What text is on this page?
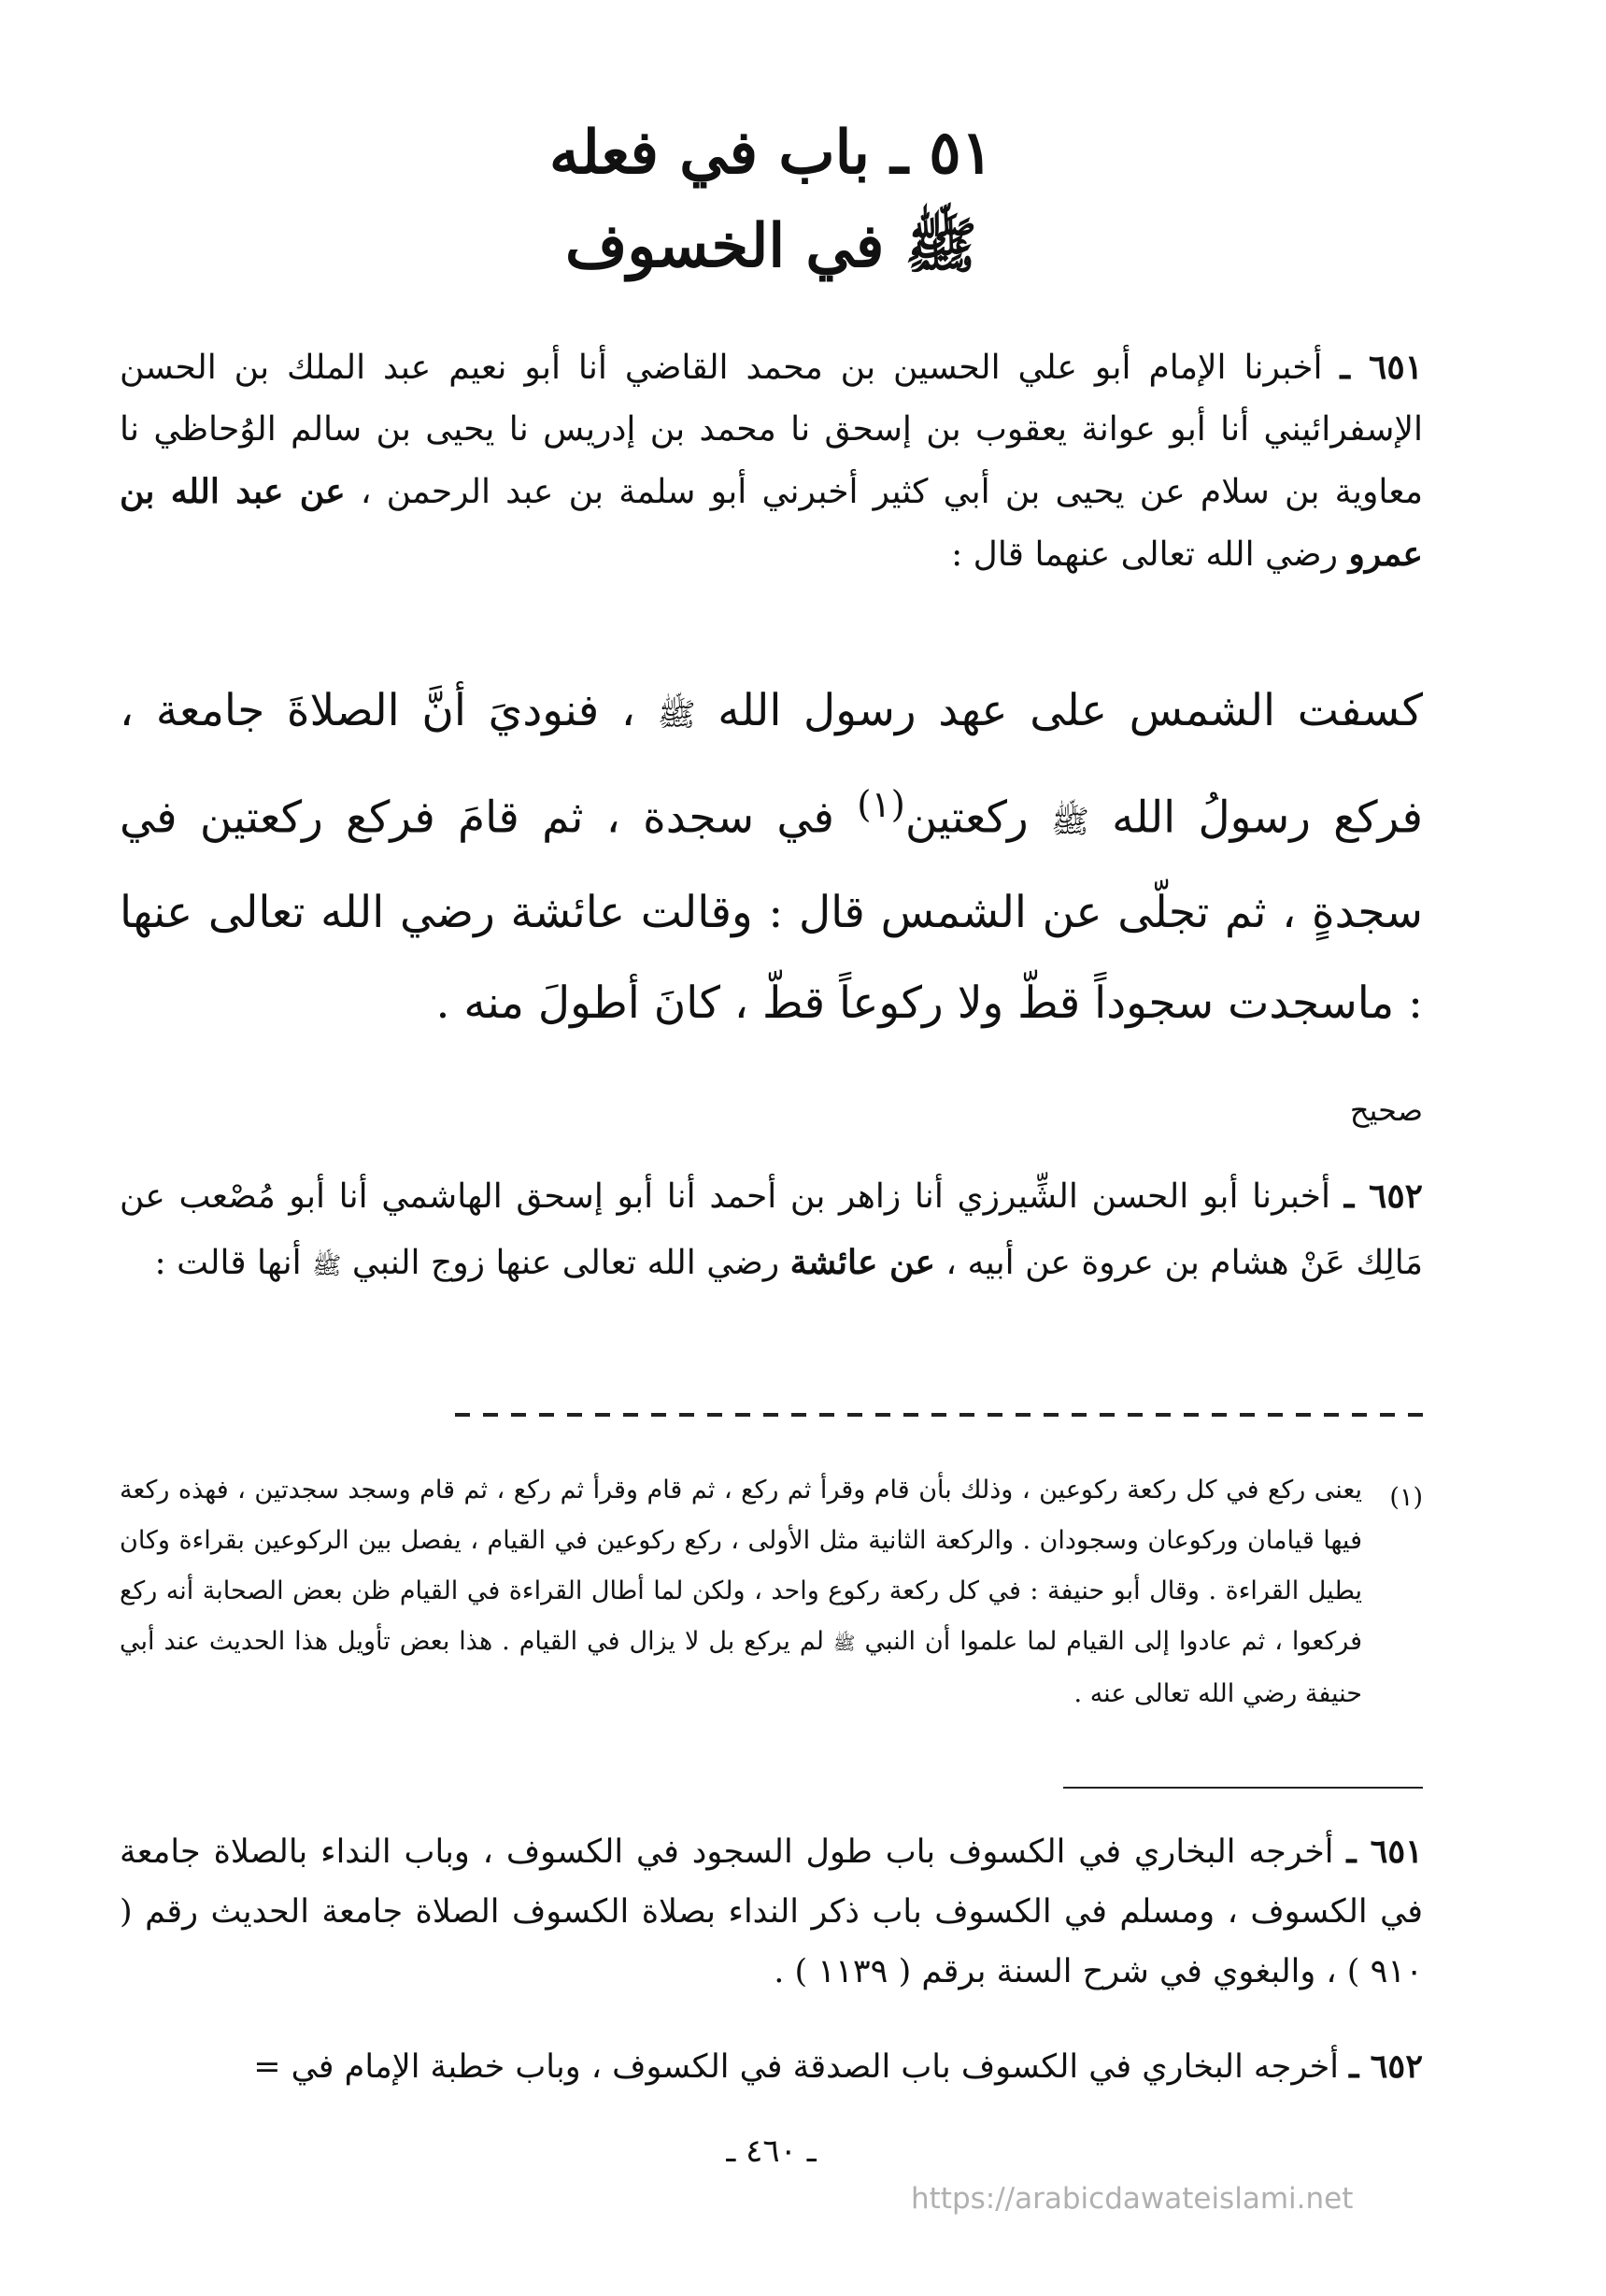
٥١ ـ باب في فعله
ﷺ في الخسوف

٦٥١ ـ أخبرنا الإمام أبو علي الحسين بن محمد القاضي أنا أبو نعيم عبد الملك بن الحسن الإسفرائيني أنا أبو عوانة يعقوب بن إسحق نا محمد بن إدريس نا يحيى بن سالم الوُحاظي نا معاوية بن سلام عن يحيى بن أبي كثير أخبرني أبو سلمة بن عبد الرحمن ، عن عبد الله بن عمرو رضي الله تعالى عنهما قال :

كسفت الشمس على عهد رسول الله ﷺ ، فنوديَ أنَّ الصلاةَ جامعة ، فركع رسولُ الله ﷺ ركعتين$^{(١)}$ في سجدة ، ثم قامَ فركع ركعتين في سجدةٍ ، ثم تجلّى عن الشمس قال : وقالت عائشة رضي الله تعالى عنها : ماسجدت سجوداً قطّ ولا ركوعاً قطّ ، كانَ أطولَ منه .

صحيح

٦٥٢ ـ أخبرنا أبو الحسن الشِّيرزي أنا زاهر بن أحمد أنا أبو إسحق الهاشمي أنا أبو مُصْعب عن مَالِك عَنْ هشام بن عروة عن أبيه ، عن عائشة رضي الله تعالى عنها زوج النبي ﷺ أنها قالت :

(١)

يعنى ركع في كل ركعة ركوعين ، وذلك بأن قام وقرأ ثم ركع ، ثم قام وقرأ ثم ركع ، ثم قام وسجد سجدتين ، فهذه ركعة فيها قيامان وركوعان وسجودان . والركعة الثانية مثل الأولى ، ركع ركوعين في القيام ، يفصل بين الركوعين بقراءة وكان يطيل القراءة . وقال أبو حنيفة : في كل ركعة ركوع واحد ، ولكن لما أطال القراءة في القيام ظن بعض الصحابة أنه ركع فركعوا ، ثم عادوا إلى القيام لما علموا أن النبي ﷺ لم يركع بل لا يزال في القيام . هذا بعض تأويل هذا الحديث عند أبي حنيفة رضي الله تعالى عنه .

٦٥١ ـ أخرجه البخاري في الكسوف باب طول السجود في الكسوف ، وباب النداء بالصلاة جامعة في الكسوف ، ومسلم في الكسوف باب ذكر النداء بصلاة الكسوف الصلاة جامعة الحديث رقم ( ٩١٠ ) ، والبغوي في شرح السنة برقم ( ١١٣٩ ) .

٦٥٢ ـ أخرجه البخاري في الكسوف باب الصدقة في الكسوف ، وباب خطبة الإمام في =

ـ ٤٦٠ ـ
https://arabicdawateislami.net
